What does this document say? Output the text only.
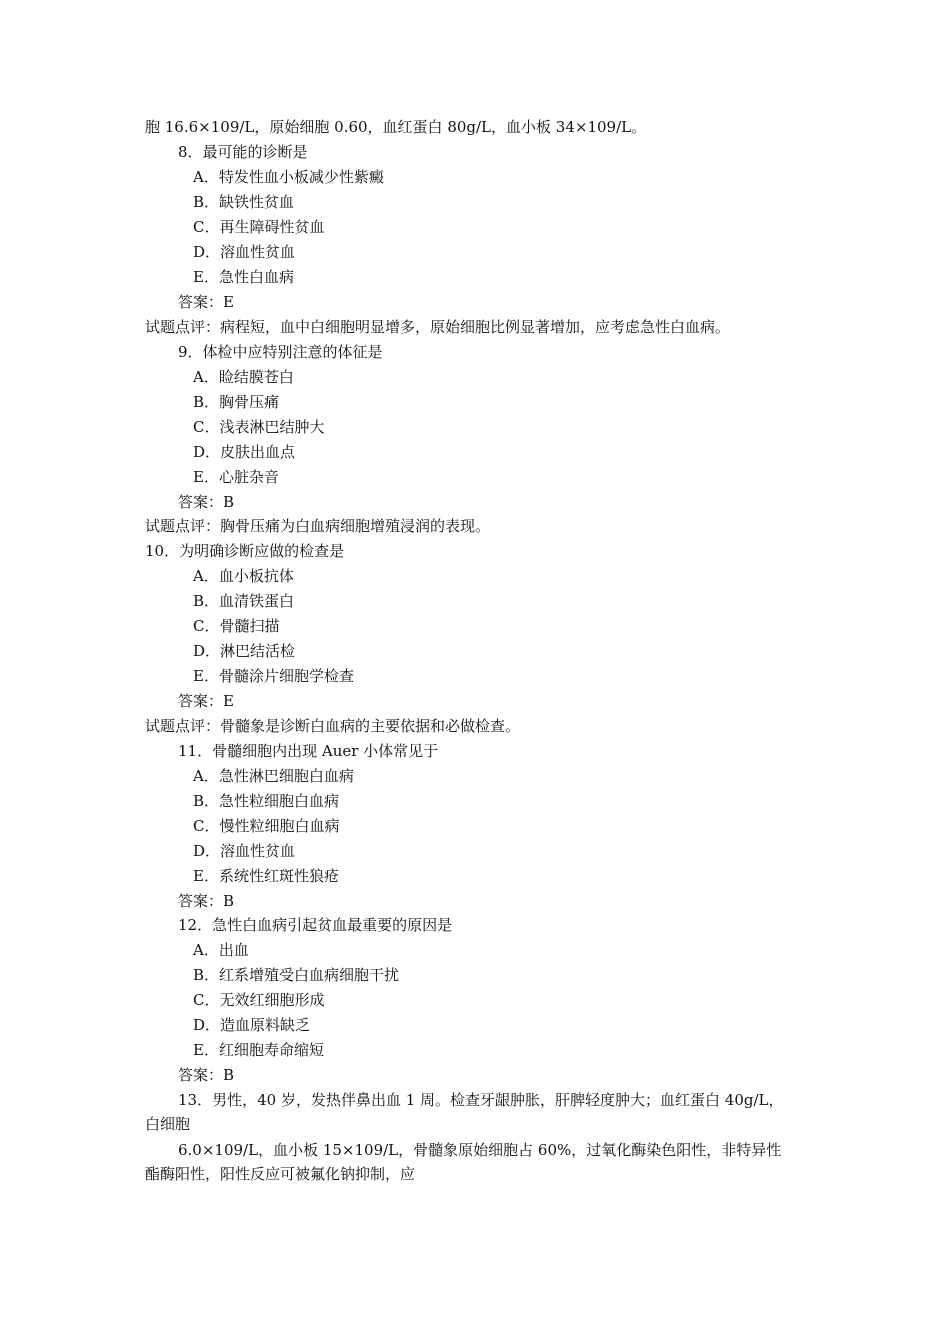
胞 16.6×109/L，原始细胞 0.60，血红蛋白 80g/L，血小板 34×109/L。
8．最可能的诊断是
A．特发性血小板减少性紫癜
B．缺铁性贫血
C．再生障碍性贫血
D．溶血性贫血
E．急性白血病
答案：E
试题点评：病程短，血中白细胞明显增多，原始细胞比例显著增加，应考虑急性白血病。
9．体检中应特别注意的体征是
A．睑结膜苍白
B．胸骨压痛
C．浅表淋巴结肿大
D．皮肤出血点
E．心脏杂音
答案：B
试题点评：胸骨压痛为白血病细胞增殖浸润的表现。
10．为明确诊断应做的检查是
A．血小板抗体
B．血清铁蛋白
C．骨髓扫描
D．淋巴结活检
E．骨髓涂片细胞学检查
答案：E
试题点评：骨髓象是诊断白血病的主要依据和必做检查。
11．骨髓细胞内出现 Auer 小体常见于
A．急性淋巴细胞白血病
B．急性粒细胞白血病
C．慢性粒细胞白血病
D．溶血性贫血
E．系统性红斑性狼疮
答案：B
12．急性白血病引起贫血最重要的原因是
A．出血
B．红系增殖受白血病细胞干扰
C．无效红细胞形成
D．造血原料缺乏
E．红细胞寿命缩短
答案：B
13．男性，40 岁，发热伴鼻出血 1 周。检查牙龈肿胀，肝脾轻度肿大；血红蛋白 40g/L，
白细胞
6.0×109/L，血小板 15×109/L，骨髓象原始细胞占 60%，过氧化酶染色阳性，非特异性
酯酶阳性，阳性反应可被氟化钠抑制，应
